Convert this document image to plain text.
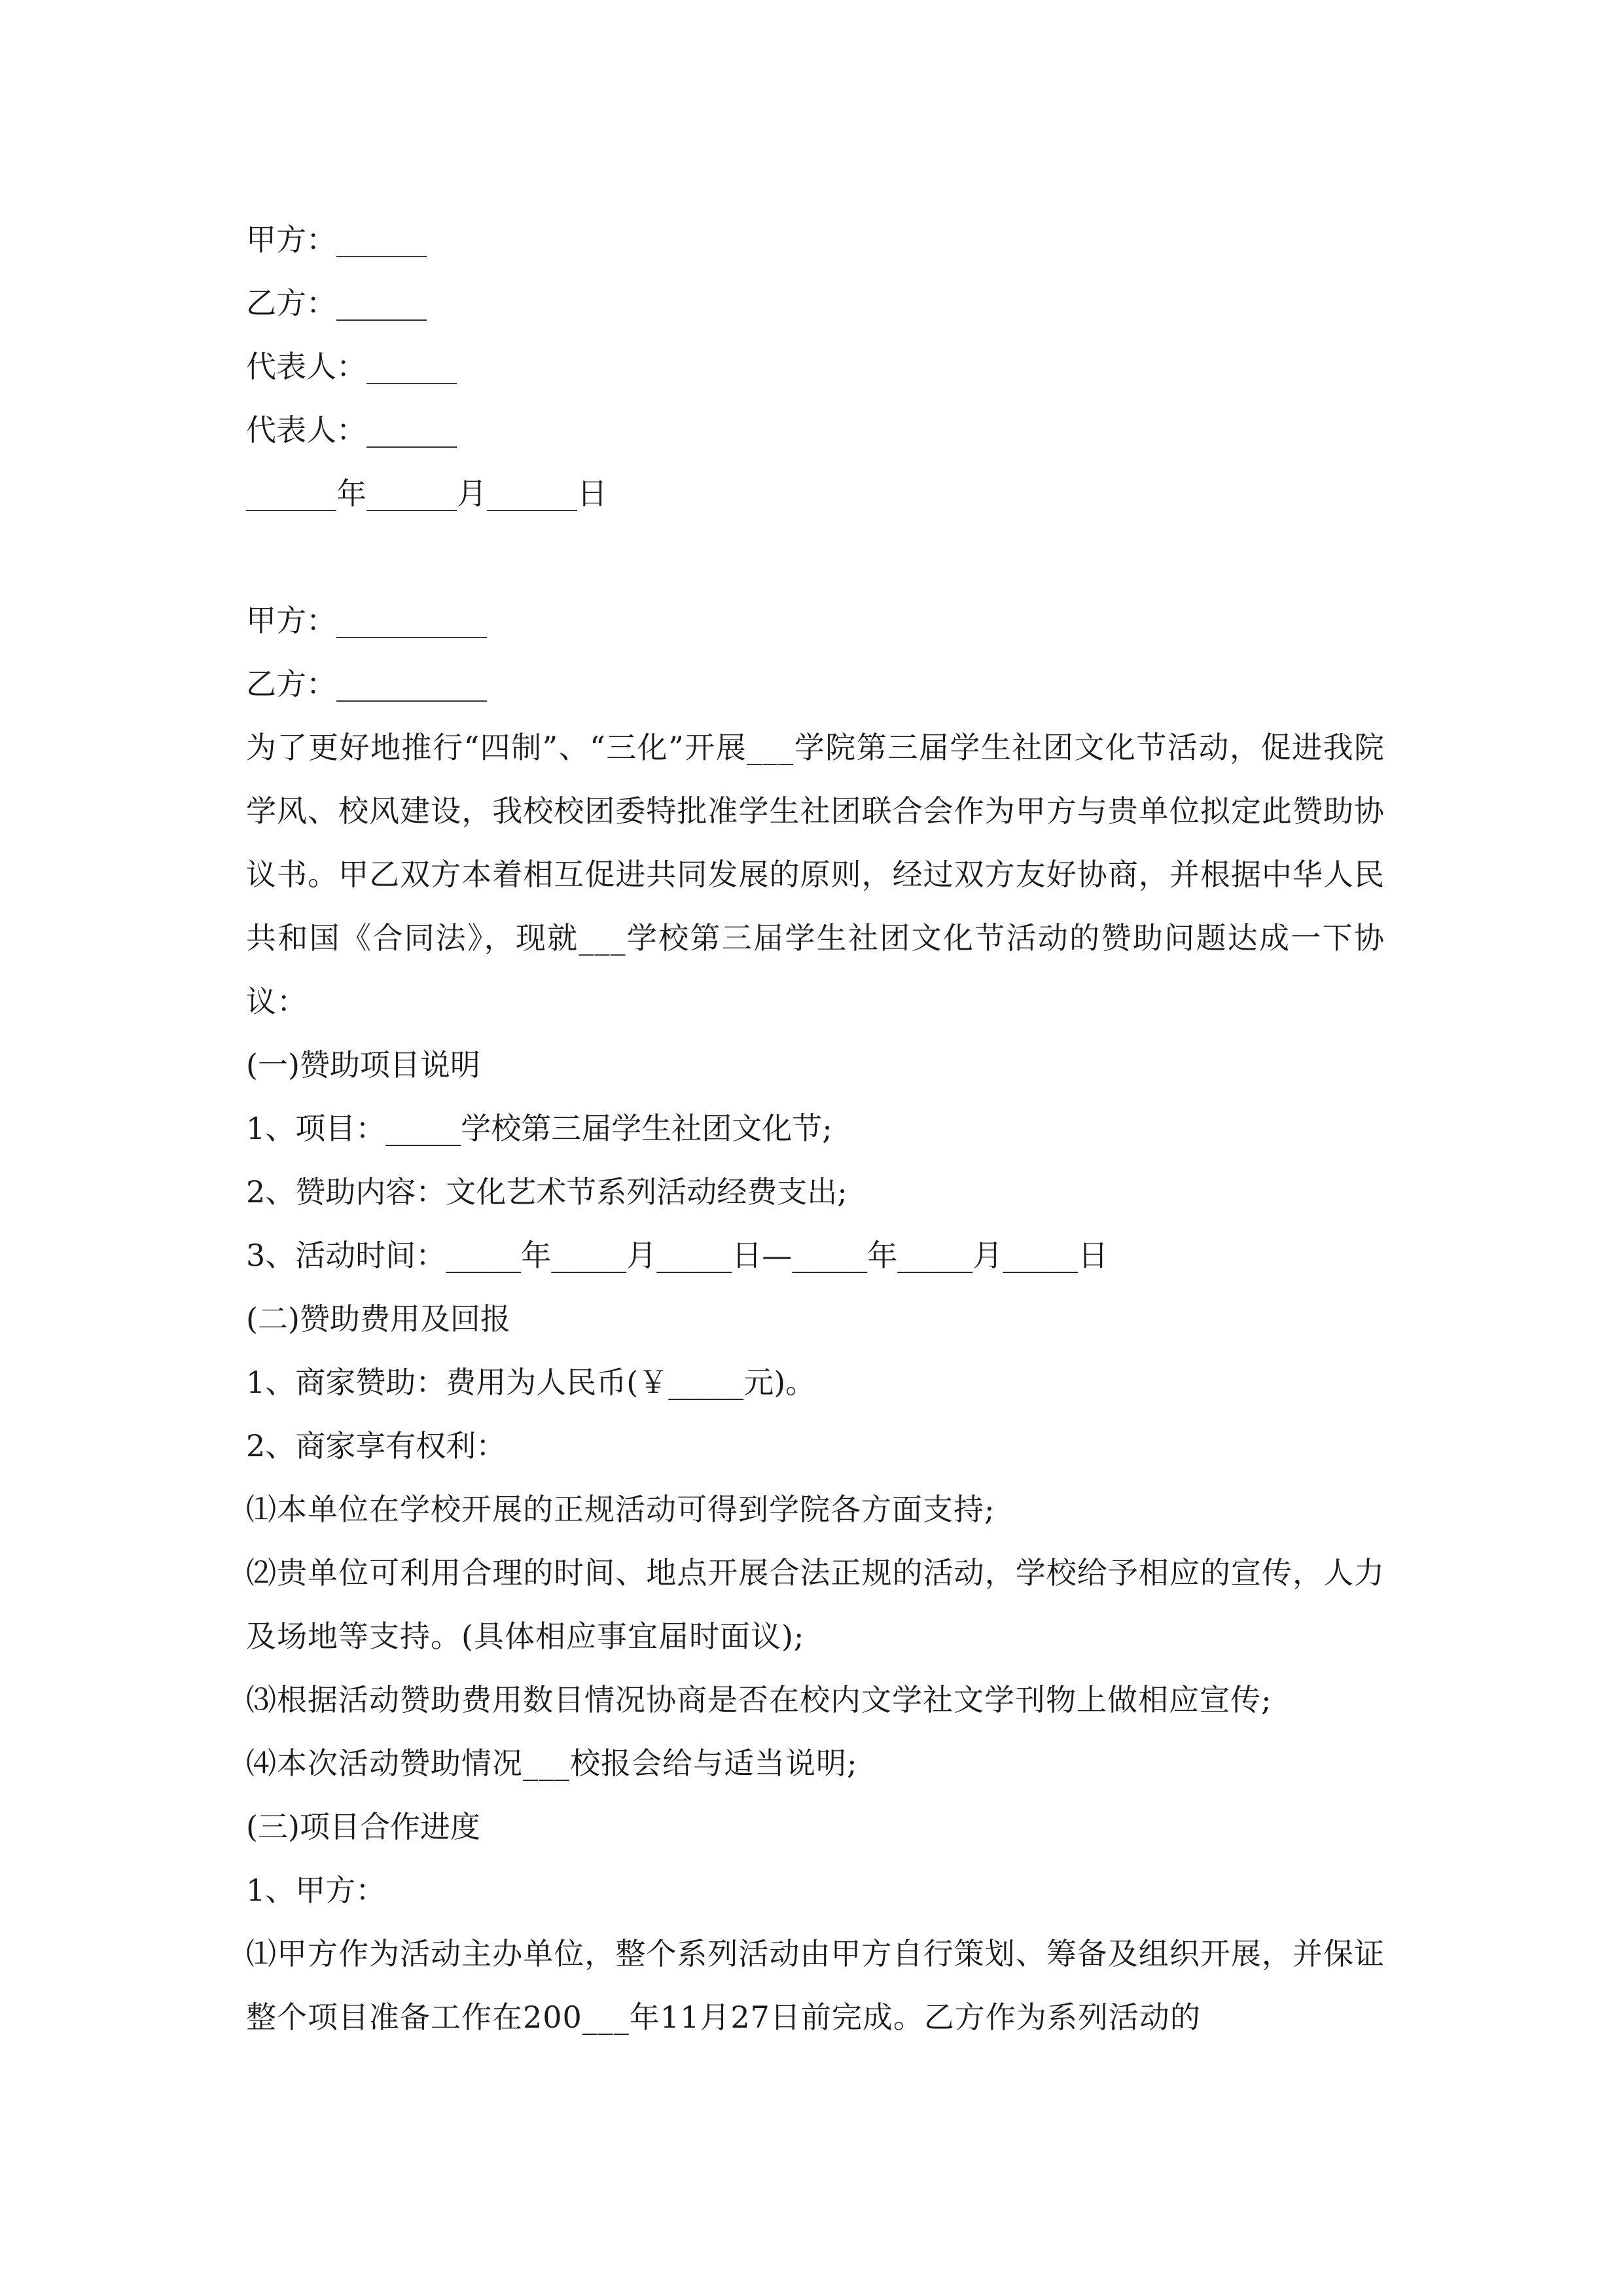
甲方：______

乙方：______

代表人：______

代表人：______

______年______月______日

甲方：__________

乙方：__________

为了更好地推行“四制”、“三化”开展___学院第三届学生社团文化节活动，促进我院学风、校风建设，我校校团委特批准学生社团联合会作为甲方与贵单位拟定此赞助协议书。甲乙双方本着相互促进共同发展的原则，经过双方友好协商，并根据中华人民共和国《合同法》，现就___学校第三届学生社团文化节活动的赞助问题达成一下协议：

(一)赞助项目说明

1、项目：_____学校第三届学生社团文化节;

2、赞助内容：文化艺术节系列活动经费支出;

3、活动时间：_____年_____月_____日—_____年_____月_____日

(二)赞助费用及回报

1、商家赞助：费用为人民币(￥_____元)。

2、商家享有权利：

⑴本单位在学校开展的正规活动可得到学院各方面支持;

⑵贵单位可利用合理的时间、地点开展合法正规的活动，学校给予相应的宣传，人力及场地等支持。(具体相应事宜届时面议);

⑶根据活动赞助费用数目情况协商是否在校内文学社文学刊物上做相应宣传;

⑷本次活动赞助情况___校报会给与适当说明;

(三)项目合作进度

1、甲方：

⑴甲方作为活动主办单位，整个系列活动由甲方自行策划、筹备及组织开展，并保证整个项目准备工作在200___年11月27日前完成。乙方作为系列活动的
